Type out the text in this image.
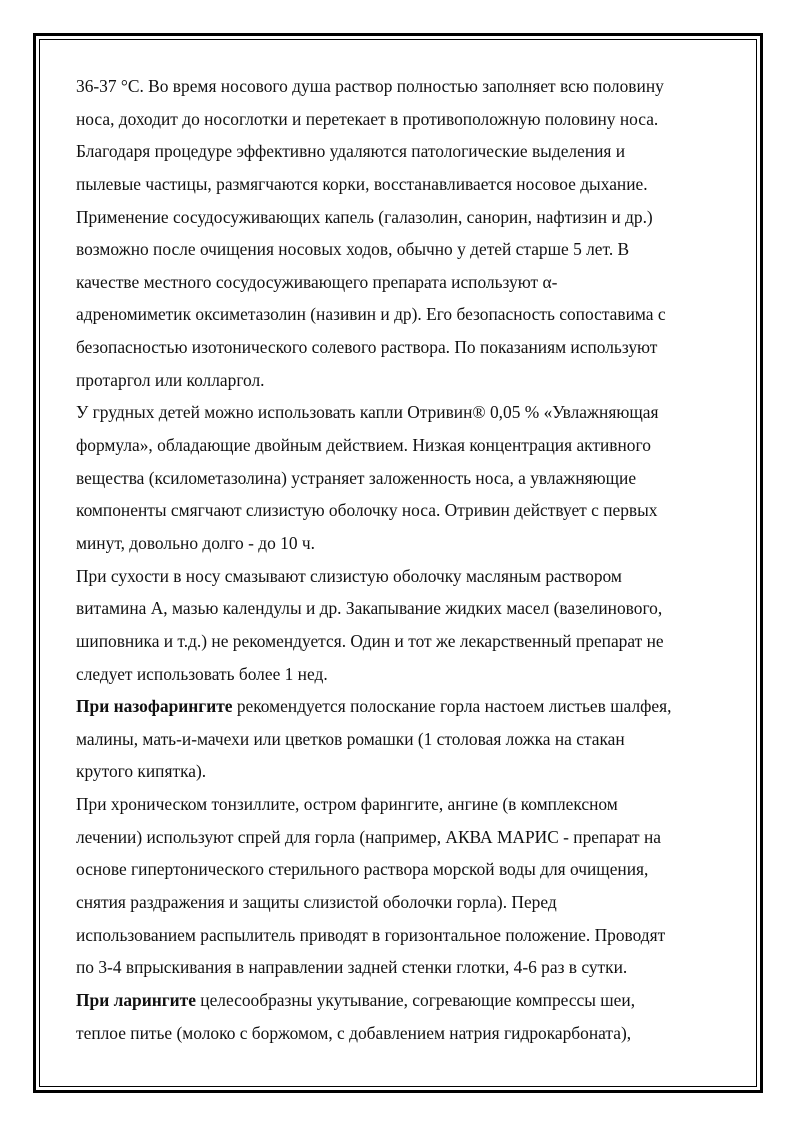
36-37 °С. Во время носового душа раствор полностью заполняет всю половину
носа, доходит до носоглотки и перетекает в противоположную половину носа.
Благодаря процедуре эффективно удаляются патологические выделения и
пылевые частицы, размягчаются корки, восстанавливается носовое дыхание.
Применение сосудосуживающих капель (галазолин, санорин, нафтизин и др.)
возможно после очищения носовых ходов, обычно у детей старше 5 лет. В
качестве местного сосудосуживающего препарата используют α-
адреномиметик оксиметазолин (називин и др). Его безопасность сопоставима с
безопасностью изотонического солевого раствора. По показаниям используют
протаргол или колларгол.
У грудных детей можно использовать капли Отривин® 0,05 % «Увлажняющая
формула», обладающие двойным действием. Низкая концентрация активного
вещества (ксилометазолина) устраняет заложенность носа, а увлажняющие
компоненты смягчают слизистую оболочку носа. Отривин действует с первых
минут, довольно долго - до 10 ч.
При сухости в носу смазывают слизистую оболочку масляным раствором
витамина А, мазью календулы и др. Закапывание жидких масел (вазелинового,
шиповника и т.д.) не рекомендуется. Один и тот же лекарственный препарат не
следует использовать более 1 нед.
При назофарингите рекомендуется полоскание горла настоем листьев шалфея,
малины, мать-и-мачехи или цветков ромашки (1 столовая ложка на стакан
крутого кипятка).
При хроническом тонзиллите, остром фарингите, ангине (в комплексном
лечении) используют спрей для горла (например, АКВА МАРИС - препарат на
основе гипертонического стерильного раствора морской воды для очищения,
снятия раздражения и защиты слизистой оболочки горла). Перед
использованием распылитель приводят в горизонтальное положение. Проводят
по 3-4 впрыскивания в направлении задней стенки глотки, 4-6 раз в сутки.
При ларингите целесообразны укутывание, согревающие компрессы шеи,
теплое питье (молоко с боржомом, с добавлением натрия гидрокарбоната),
